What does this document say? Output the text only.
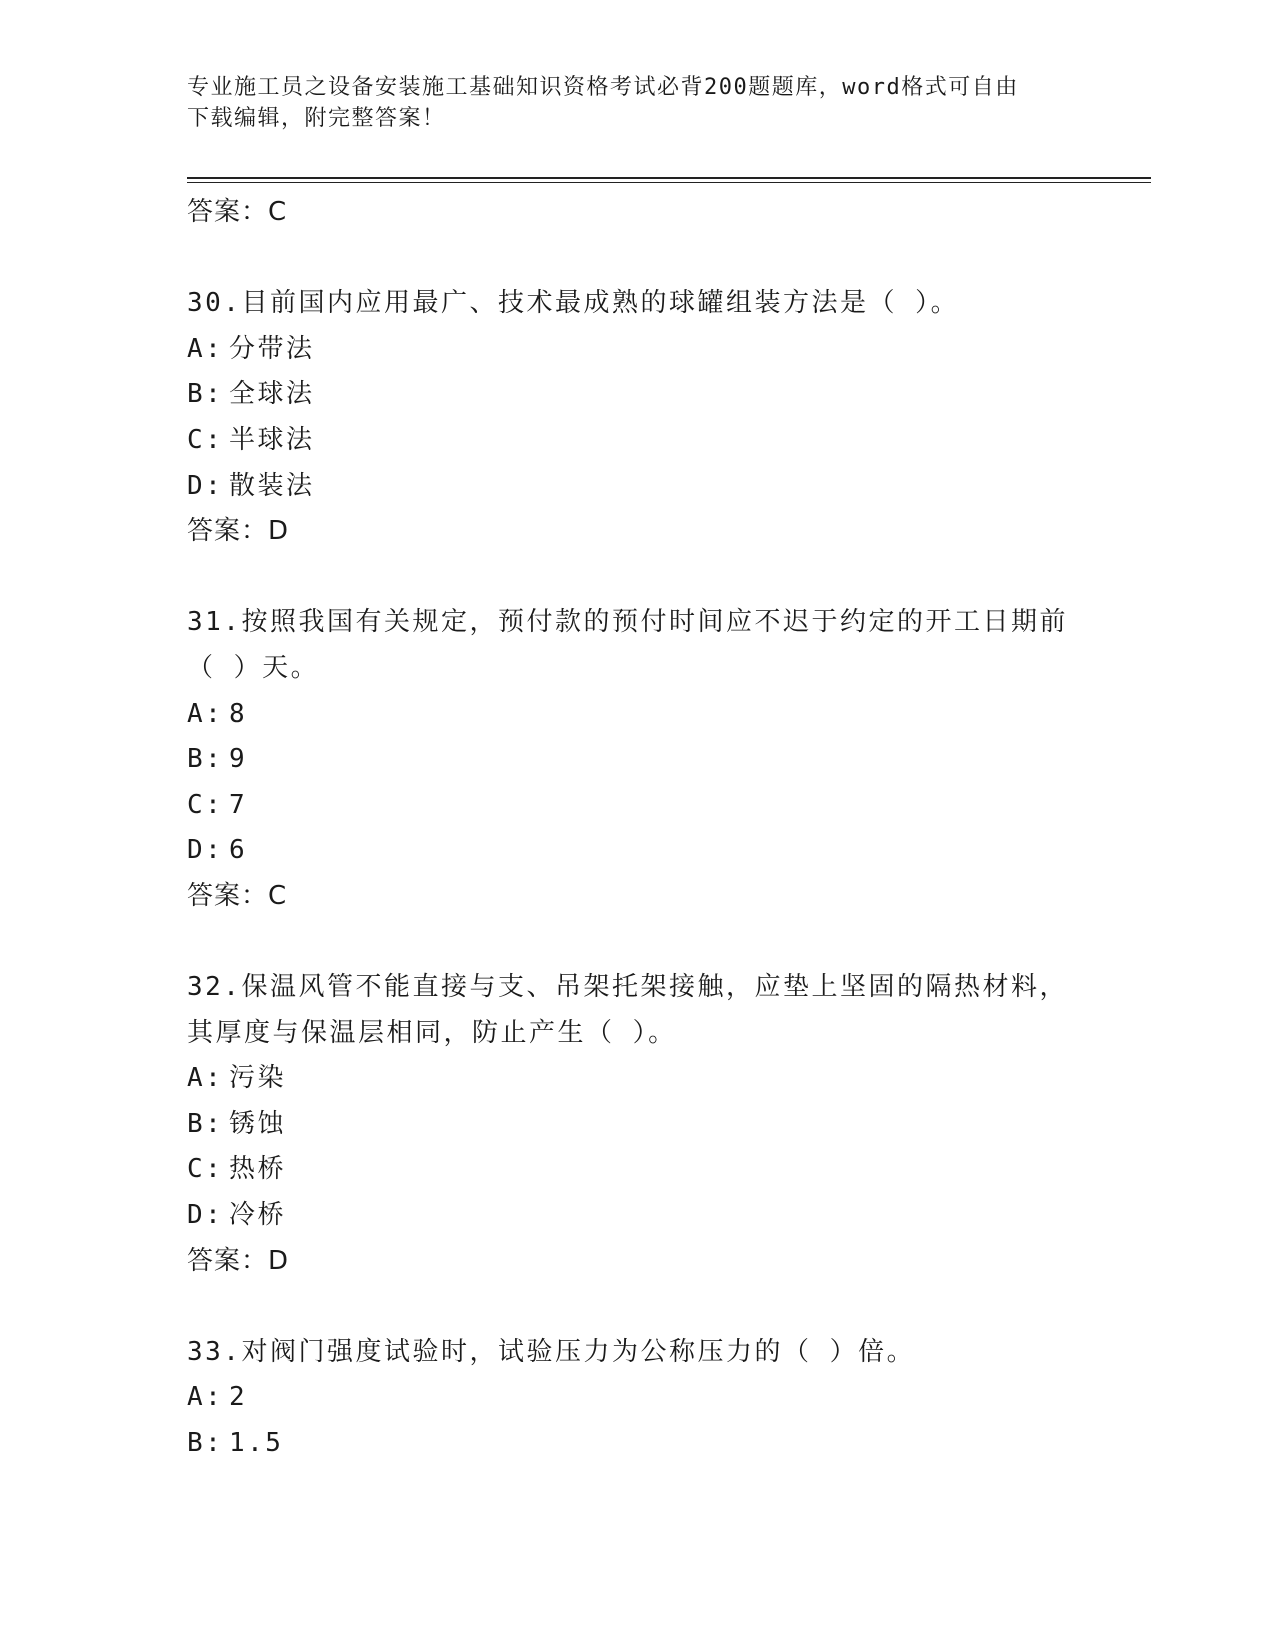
专业施工员之设备安装施工基础知识资格考试必背200题题库，word格式可自由
下载编辑，附完整答案！
答案：C
30.目前国内应用最广、技术最成熟的球罐组装方法是（ ）。
A: 分带法
B: 全球法
C: 半球法
D: 散装法
答案：D
31.按照我国有关规定，预付款的预付时间应不迟于约定的开工日期前
（ ）天。
A: 8
B: 9
C: 7
D: 6
答案：C
32.保温风管不能直接与支、吊架托架接触，应垫上坚固的隔热材料，
其厚度与保温层相同，防止产生（ ）。
A: 污染
B: 锈蚀
C: 热桥
D: 冷桥
答案：D
33.对阀门强度试验时，试验压力为公称压力的（ ）倍。
A: 2
B: 1.5
